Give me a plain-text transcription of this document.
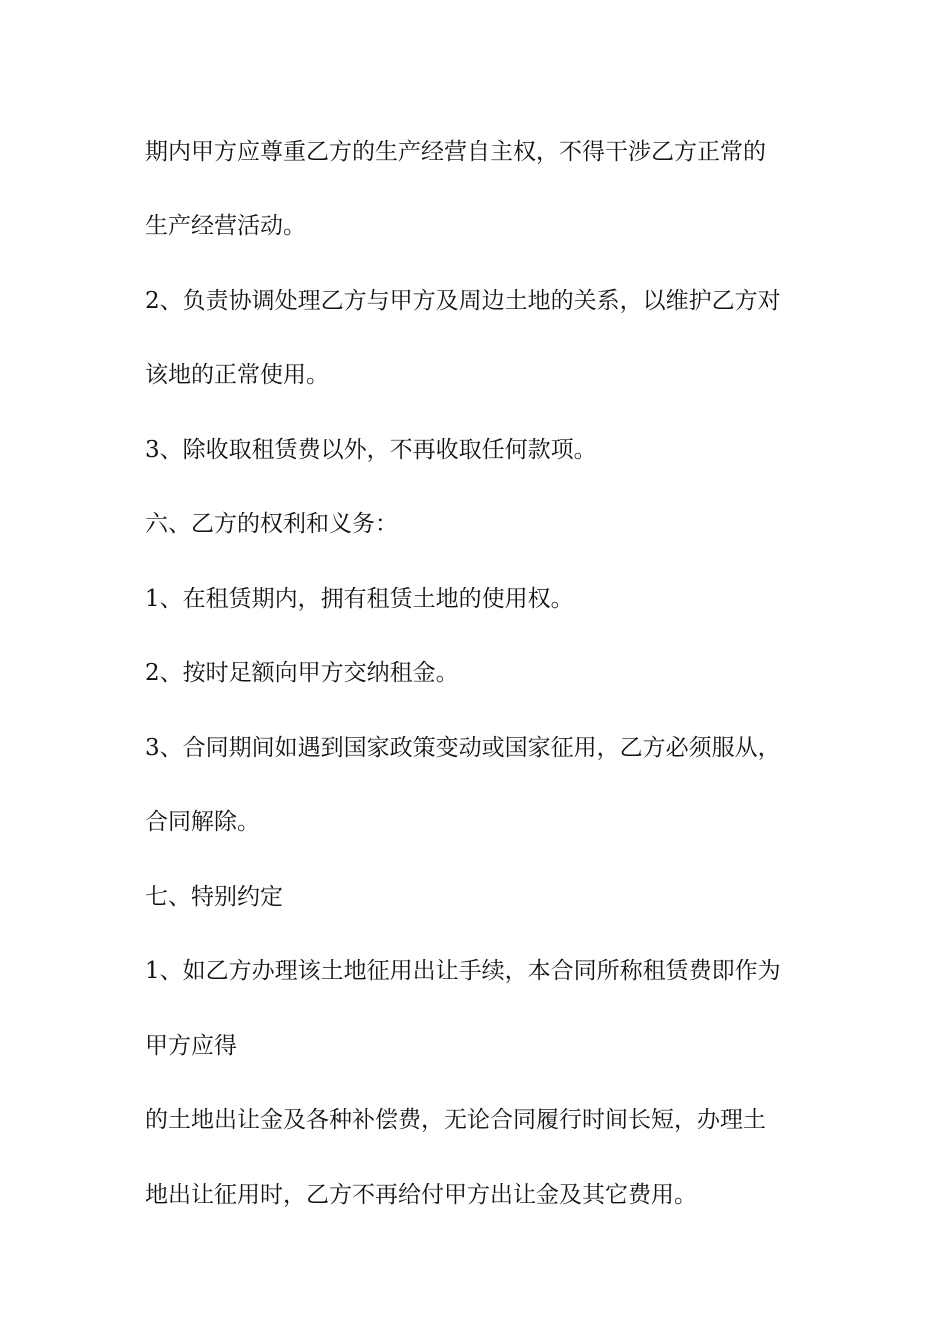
期内甲方应尊重乙方的生产经营自主权，不得干涉乙方正常的
生产经营活动。
2、负责协调处理乙方与甲方及周边土地的关系，以维护乙方对
该地的正常使用。
3、除收取租赁费以外，不再收取任何款项。
六、乙方的权利和义务：
1、在租赁期内，拥有租赁土地的使用权。
2、按时足额向甲方交纳租金。
3、合同期间如遇到国家政策变动或国家征用，乙方必须服从，
合同解除。
七、特别约定
1、如乙方办理该土地征用出让手续，本合同所称租赁费即作为
甲方应得
的土地出让金及各种补偿费，无论合同履行时间长短，办理土
地出让征用时，乙方不再给付甲方出让金及其它费用。
